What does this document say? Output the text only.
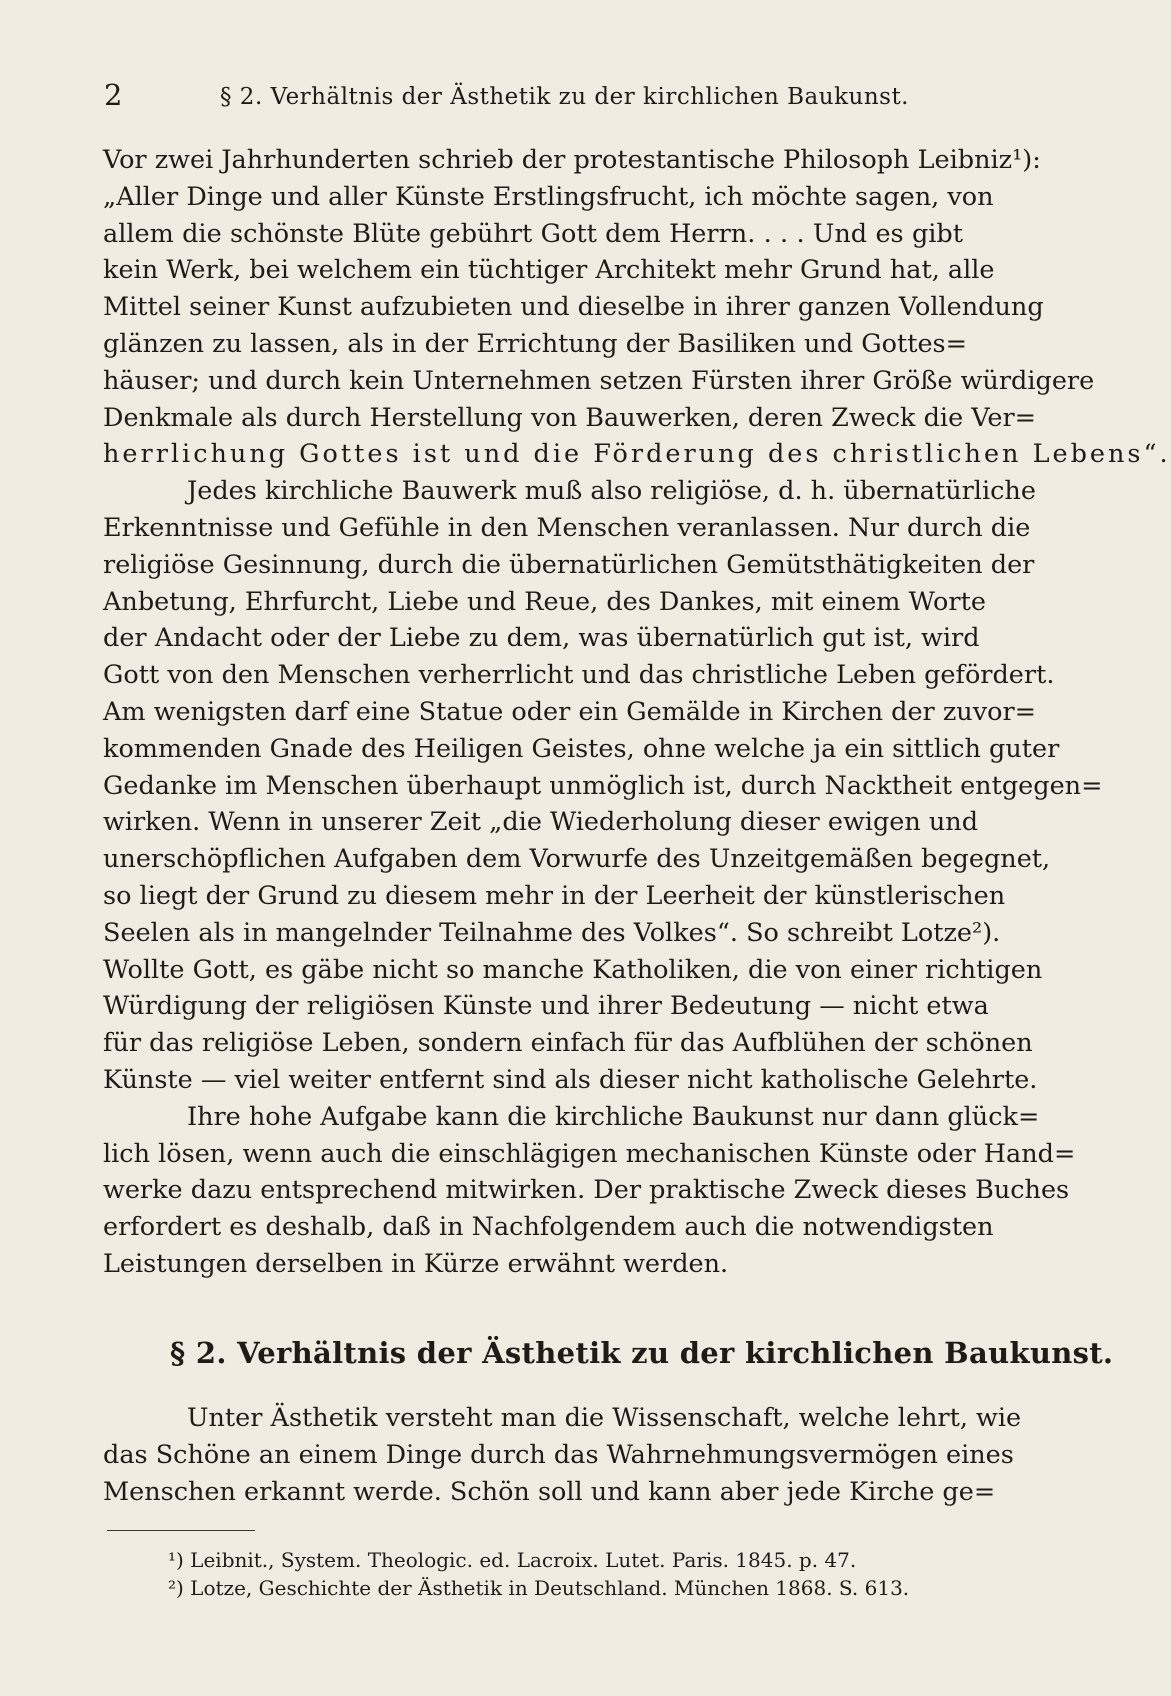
2	§ 2. Verhältnis der Ästhetik zu der kirchlichen Baukunst.
Vor zwei Jahrhunderten schrieb der protestantische Philosoph Leibniz¹):
„Aller Dinge und aller Künste Erstlingsfrucht, ich möchte sagen, von
allem die schönste Blüte gebührt Gott dem Herrn. . . . Und es gibt
kein Werk, bei welchem ein tüchtiger Architekt mehr Grund hat, alle
Mittel seiner Kunst aufzubieten und dieselbe in ihrer ganzen Vollendung
glänzen zu lassen, als in der Errichtung der Basiliken und Gottes=
häuser; und durch kein Unternehmen setzen Fürsten ihrer Größe würdigere
Denkmale als durch Herstellung von Bauwerken, deren Zweck die Ver=
herrlichung Gottes ist und die Förderung des christlichen Lebens“.
Jedes kirchliche Bauwerk muß also religiöse, d. h. übernatürliche
Erkenntnisse und Gefühle in den Menschen veranlassen. Nur durch die
religiöse Gesinnung, durch die übernatürlichen Gemütsthätigkeiten der
Anbetung, Ehrfurcht, Liebe und Reue, des Dankes, mit einem Worte
der Andacht oder der Liebe zu dem, was übernatürlich gut ist, wird
Gott von den Menschen verherrlicht und das christliche Leben gefördert.
Am wenigsten darf eine Statue oder ein Gemälde in Kirchen der zuvor=
kommenden Gnade des Heiligen Geistes, ohne welche ja ein sittlich guter
Gedanke im Menschen überhaupt unmöglich ist, durch Nacktheit entgegen=
wirken. Wenn in unserer Zeit „die Wiederholung dieser ewigen und
unerschöpflichen Aufgaben dem Vorwurfe des Unzeitgemäßen begegnet,
so liegt der Grund zu diesem mehr in der Leerheit der künstlerischen
Seelen als in mangelnder Teilnahme des Volkes“. So schreibt Lotze²).
Wollte Gott, es gäbe nicht so manche Katholiken, die von einer richtigen
Würdigung der religiösen Künste und ihrer Bedeutung — nicht etwa
für das religiöse Leben, sondern einfach für das Aufblühen der schönen
Künste — viel weiter entfernt sind als dieser nicht katholische Gelehrte.
Ihre hohe Aufgabe kann die kirchliche Baukunst nur dann glück=
lich lösen, wenn auch die einschlägigen mechanischen Künste oder Hand=
werke dazu entsprechend mitwirken. Der praktische Zweck dieses Buches
erfordert es deshalb, daß in Nachfolgendem auch die notwendigsten
Leistungen derselben in Kürze erwähnt werden.
§ 2. Verhältnis der Ästhetik zu der kirchlichen Baukunst.
Unter Ästhetik versteht man die Wissenschaft, welche lehrt, wie
das Schöne an einem Dinge durch das Wahrnehmungsvermögen eines
Menschen erkannt werde. Schön soll und kann aber jede Kirche ge=
¹) Leibnit., System. Theologic. ed. Lacroix. Lutet. Paris. 1845. p. 47.
²) Lotze, Geschichte der Ästhetik in Deutschland. München 1868. S. 613.
